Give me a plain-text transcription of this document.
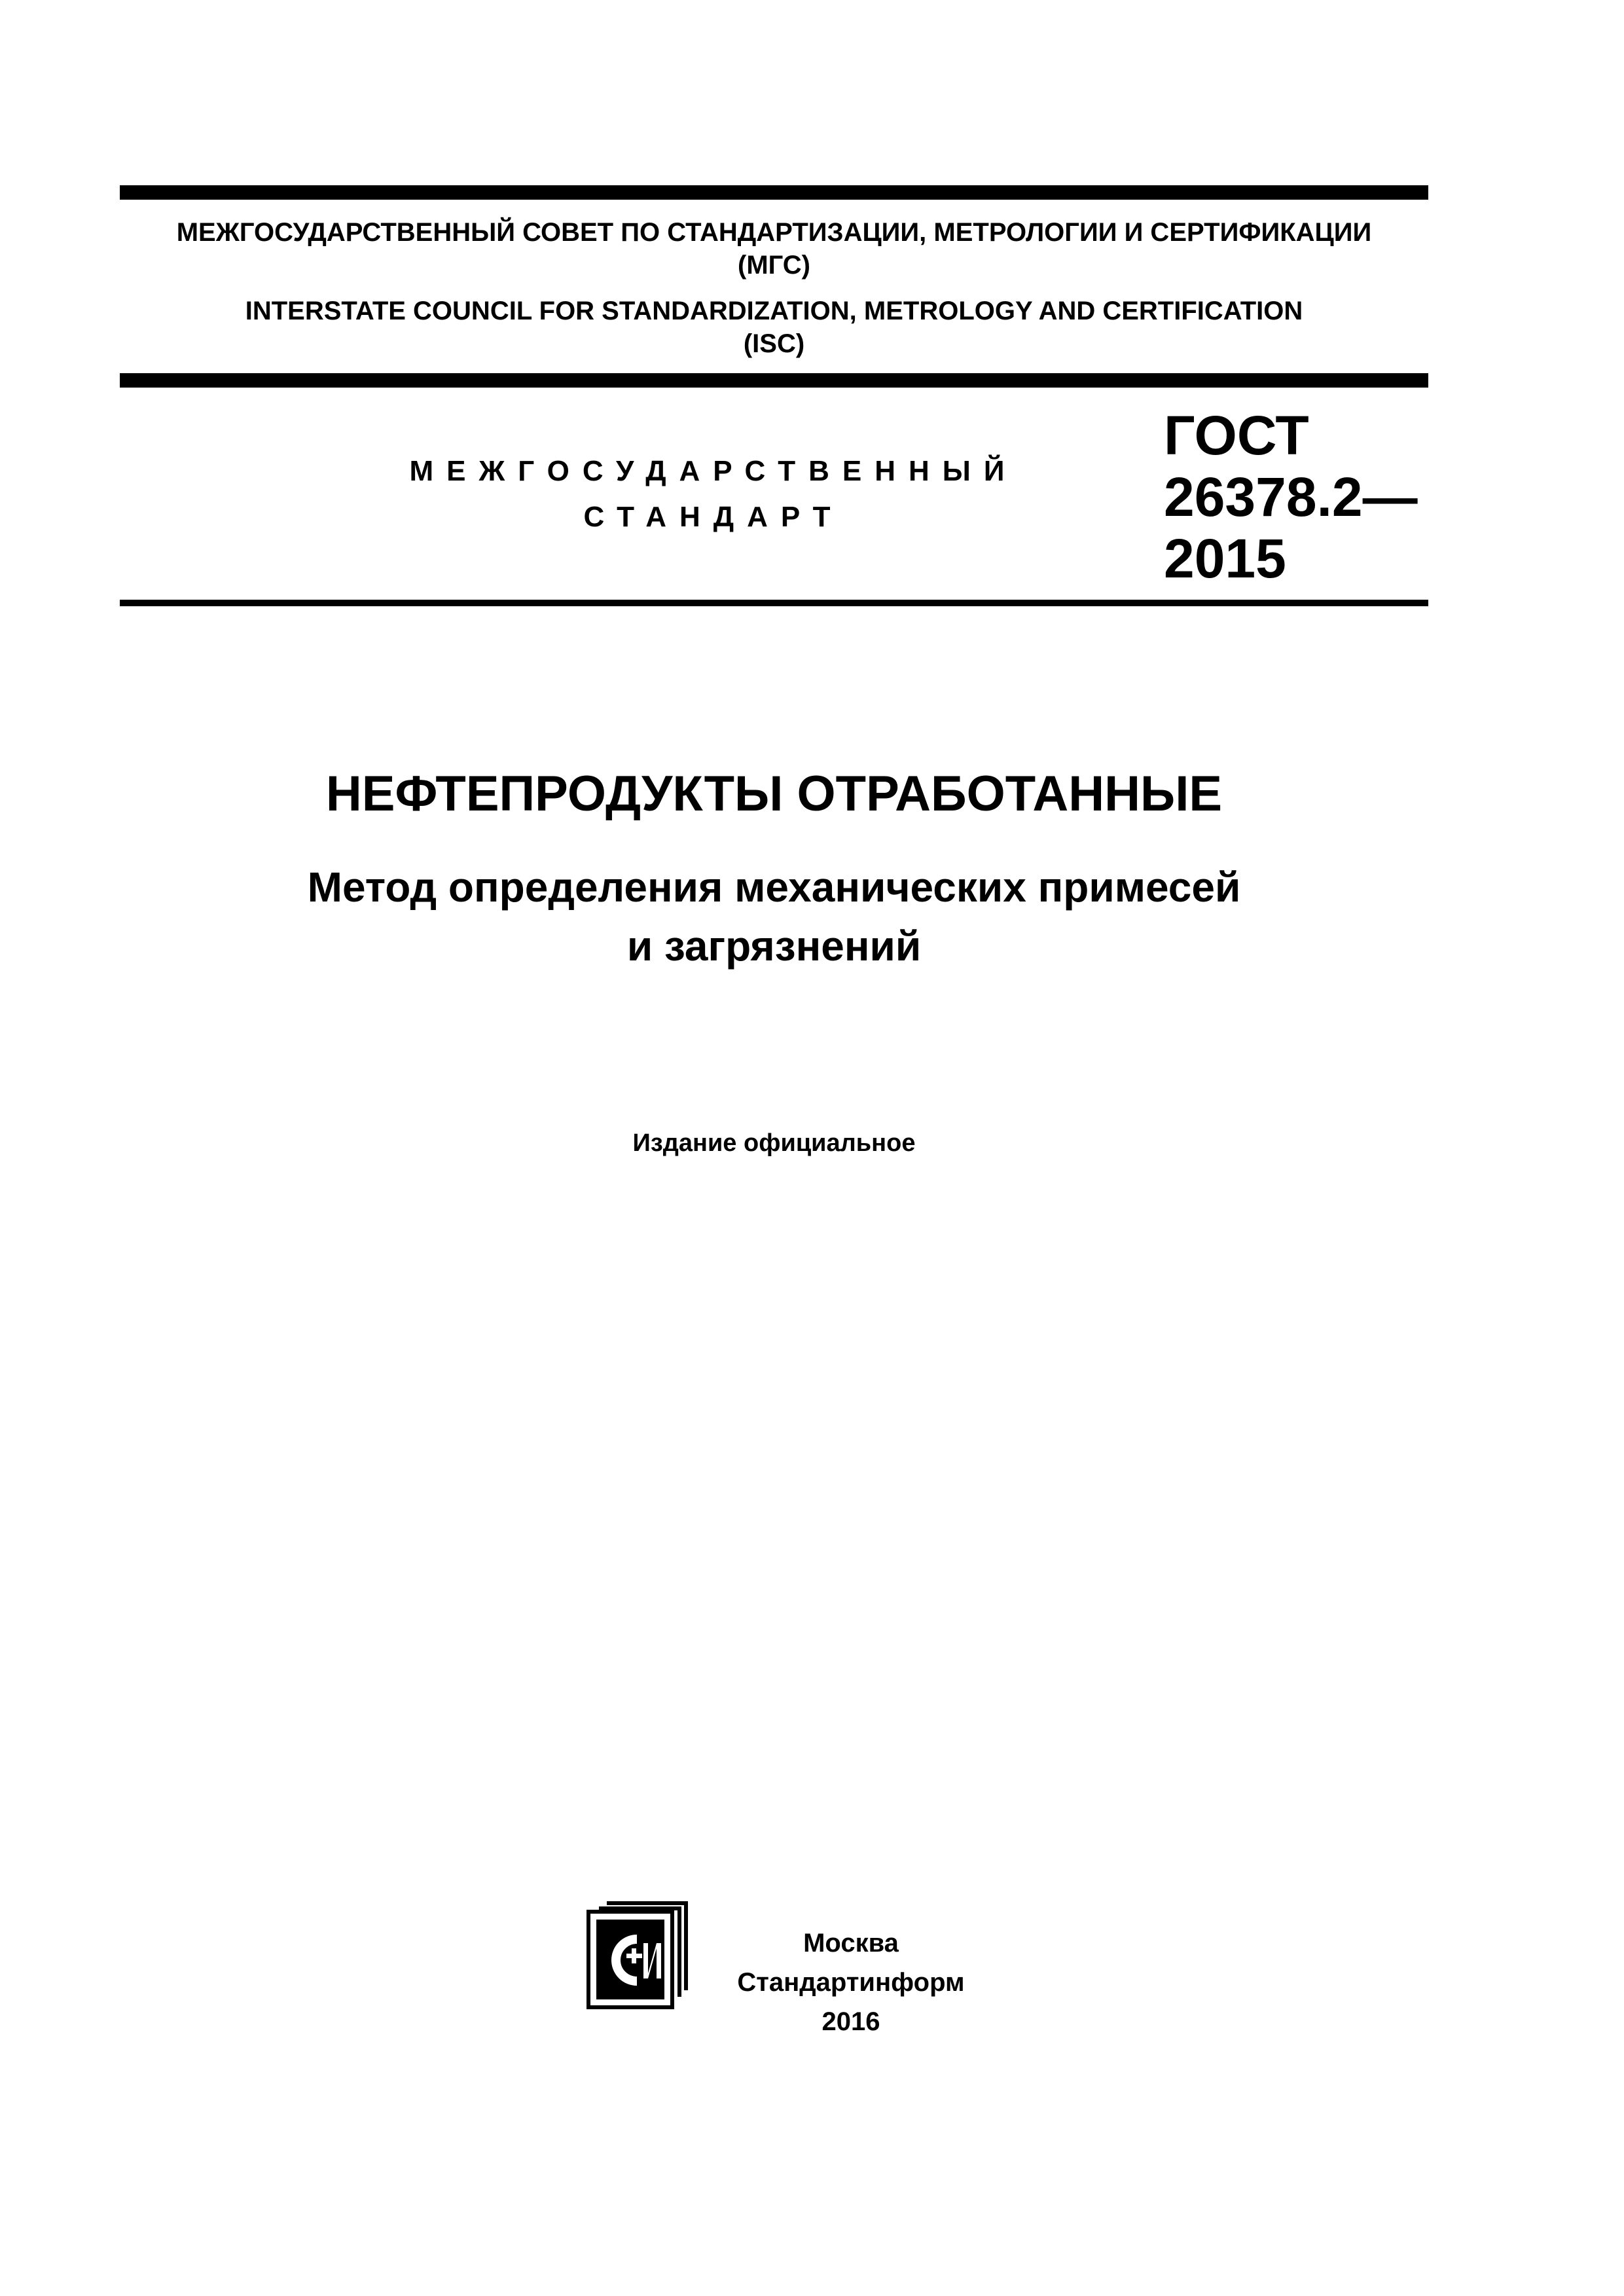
МЕЖГОСУДАРСТВЕННЫЙ СОВЕТ ПО СТАНДАРТИЗАЦИИ, МЕТРОЛОГИИ И СЕРТИФИКАЦИИ
(МГС)
INTERSTATE COUNCIL FOR STANDARDIZATION, METROLOGY AND CERTIFICATION
(ISC)
МЕЖГОСУДАРСТВЕННЫЙ
СТАНДАРТ
ГОСТ
26378.2—
2015
НЕФТЕПРОДУКТЫ ОТРАБОТАННЫЕ
Метод определения механических примесей
и загрязнений
Издание официальное
Москва
Стандартинформ
2016
